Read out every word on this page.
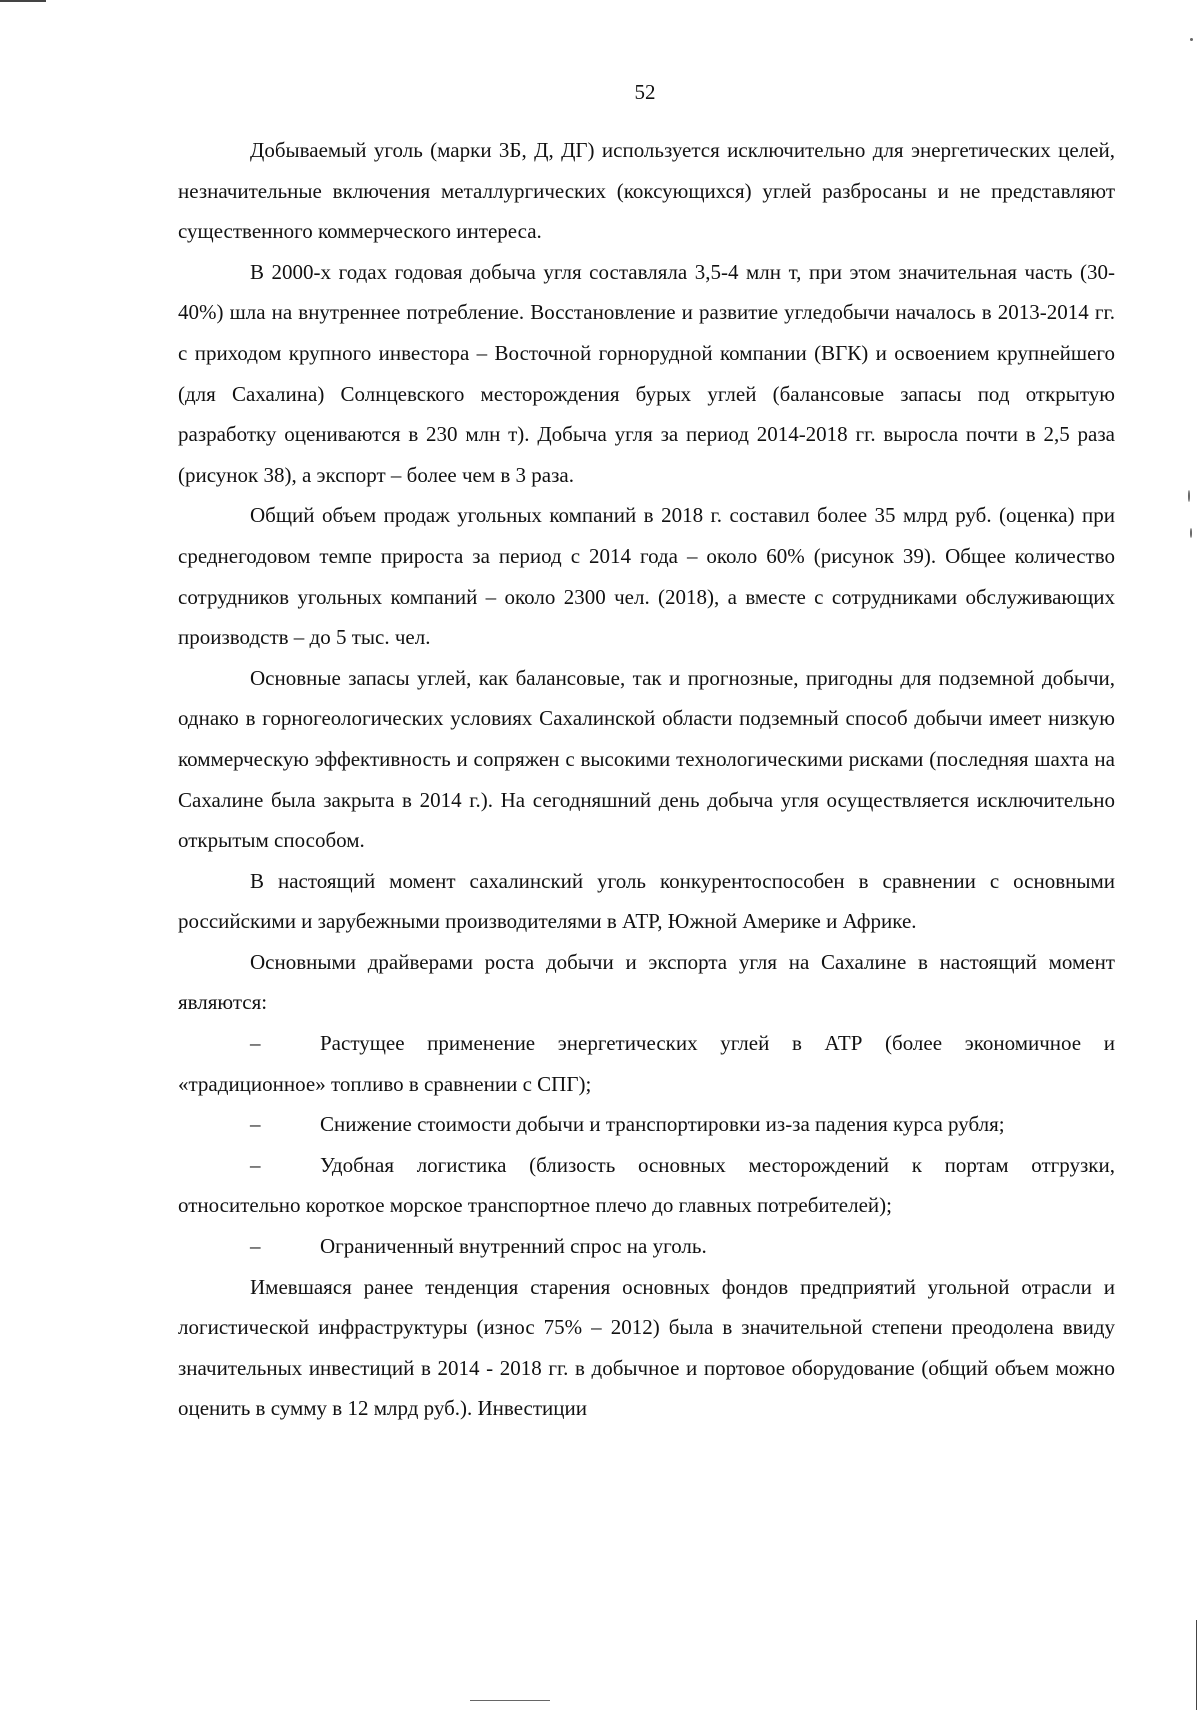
52

Добываемый уголь (марки 3Б, Д, ДГ) используется исключительно для энергетических целей, незначительные включения металлургических (коксующихся) углей разбросаны и не представляют существенного коммерческого интереса.

В 2000-х годах годовая добыча угля составляла 3,5-4 млн т, при этом значительная часть (30-40%) шла на внутреннее потребление. Восстановление и развитие угледобычи началось в 2013-2014 гг. с приходом крупного инвестора – Восточной горнорудной компании (ВГК) и освоением крупнейшего (для Сахалина) Солнцевского месторождения бурых углей (балансовые запасы под открытую разработку оцениваются в 230 млн т). Добыча угля за период 2014-2018 гг. выросла почти в 2,5 раза (рисунок 38), а экспорт – более чем в 3 раза.

Общий объем продаж угольных компаний в 2018 г. составил более 35 млрд руб. (оценка) при среднегодовом темпе прироста за период с 2014 года – около 60% (рисунок 39). Общее количество сотрудников угольных компаний – около 2300 чел. (2018), а вместе с сотрудниками обслуживающих производств – до 5 тыс. чел.

Основные запасы углей, как балансовые, так и прогнозные, пригодны для подземной добычи, однако в горногеологических условиях Сахалинской области подземный способ добычи имеет низкую коммерческую эффективность и сопряжен с высокими технологическими рисками (последняя шахта на Сахалине была закрыта в 2014 г.). На сегодняшний день добыча угля осуществляется исключительно открытым способом.

В настоящий момент сахалинский уголь конкурентоспособен в сравнении с основными российскими и зарубежными производителями в АТР, Южной Америке и Африке.

Основными драйверами роста добычи и экспорта угля на Сахалине в настоящий момент являются:

–	Растущее применение энергетических углей в АТР (более экономичное и «традиционное» топливо в сравнении с СПГ);

–	Снижение стоимости добычи и транспортировки из-за падения курса рубля;

–	Удобная логистика (близость основных месторождений к портам отгрузки, относительно короткое морское транспортное плечо до главных потребителей);

–	Ограниченный внутренний спрос на уголь.

Имевшаяся ранее тенденция старения основных фондов предприятий угольной отрасли и логистической инфраструктуры (износ 75% – 2012) была в значительной степени преодолена ввиду значительных инвестиций в 2014 - 2018 гг. в добычное и портовое оборудование (общий объем можно оценить в сумму в 12 млрд руб.). Инвестиции
